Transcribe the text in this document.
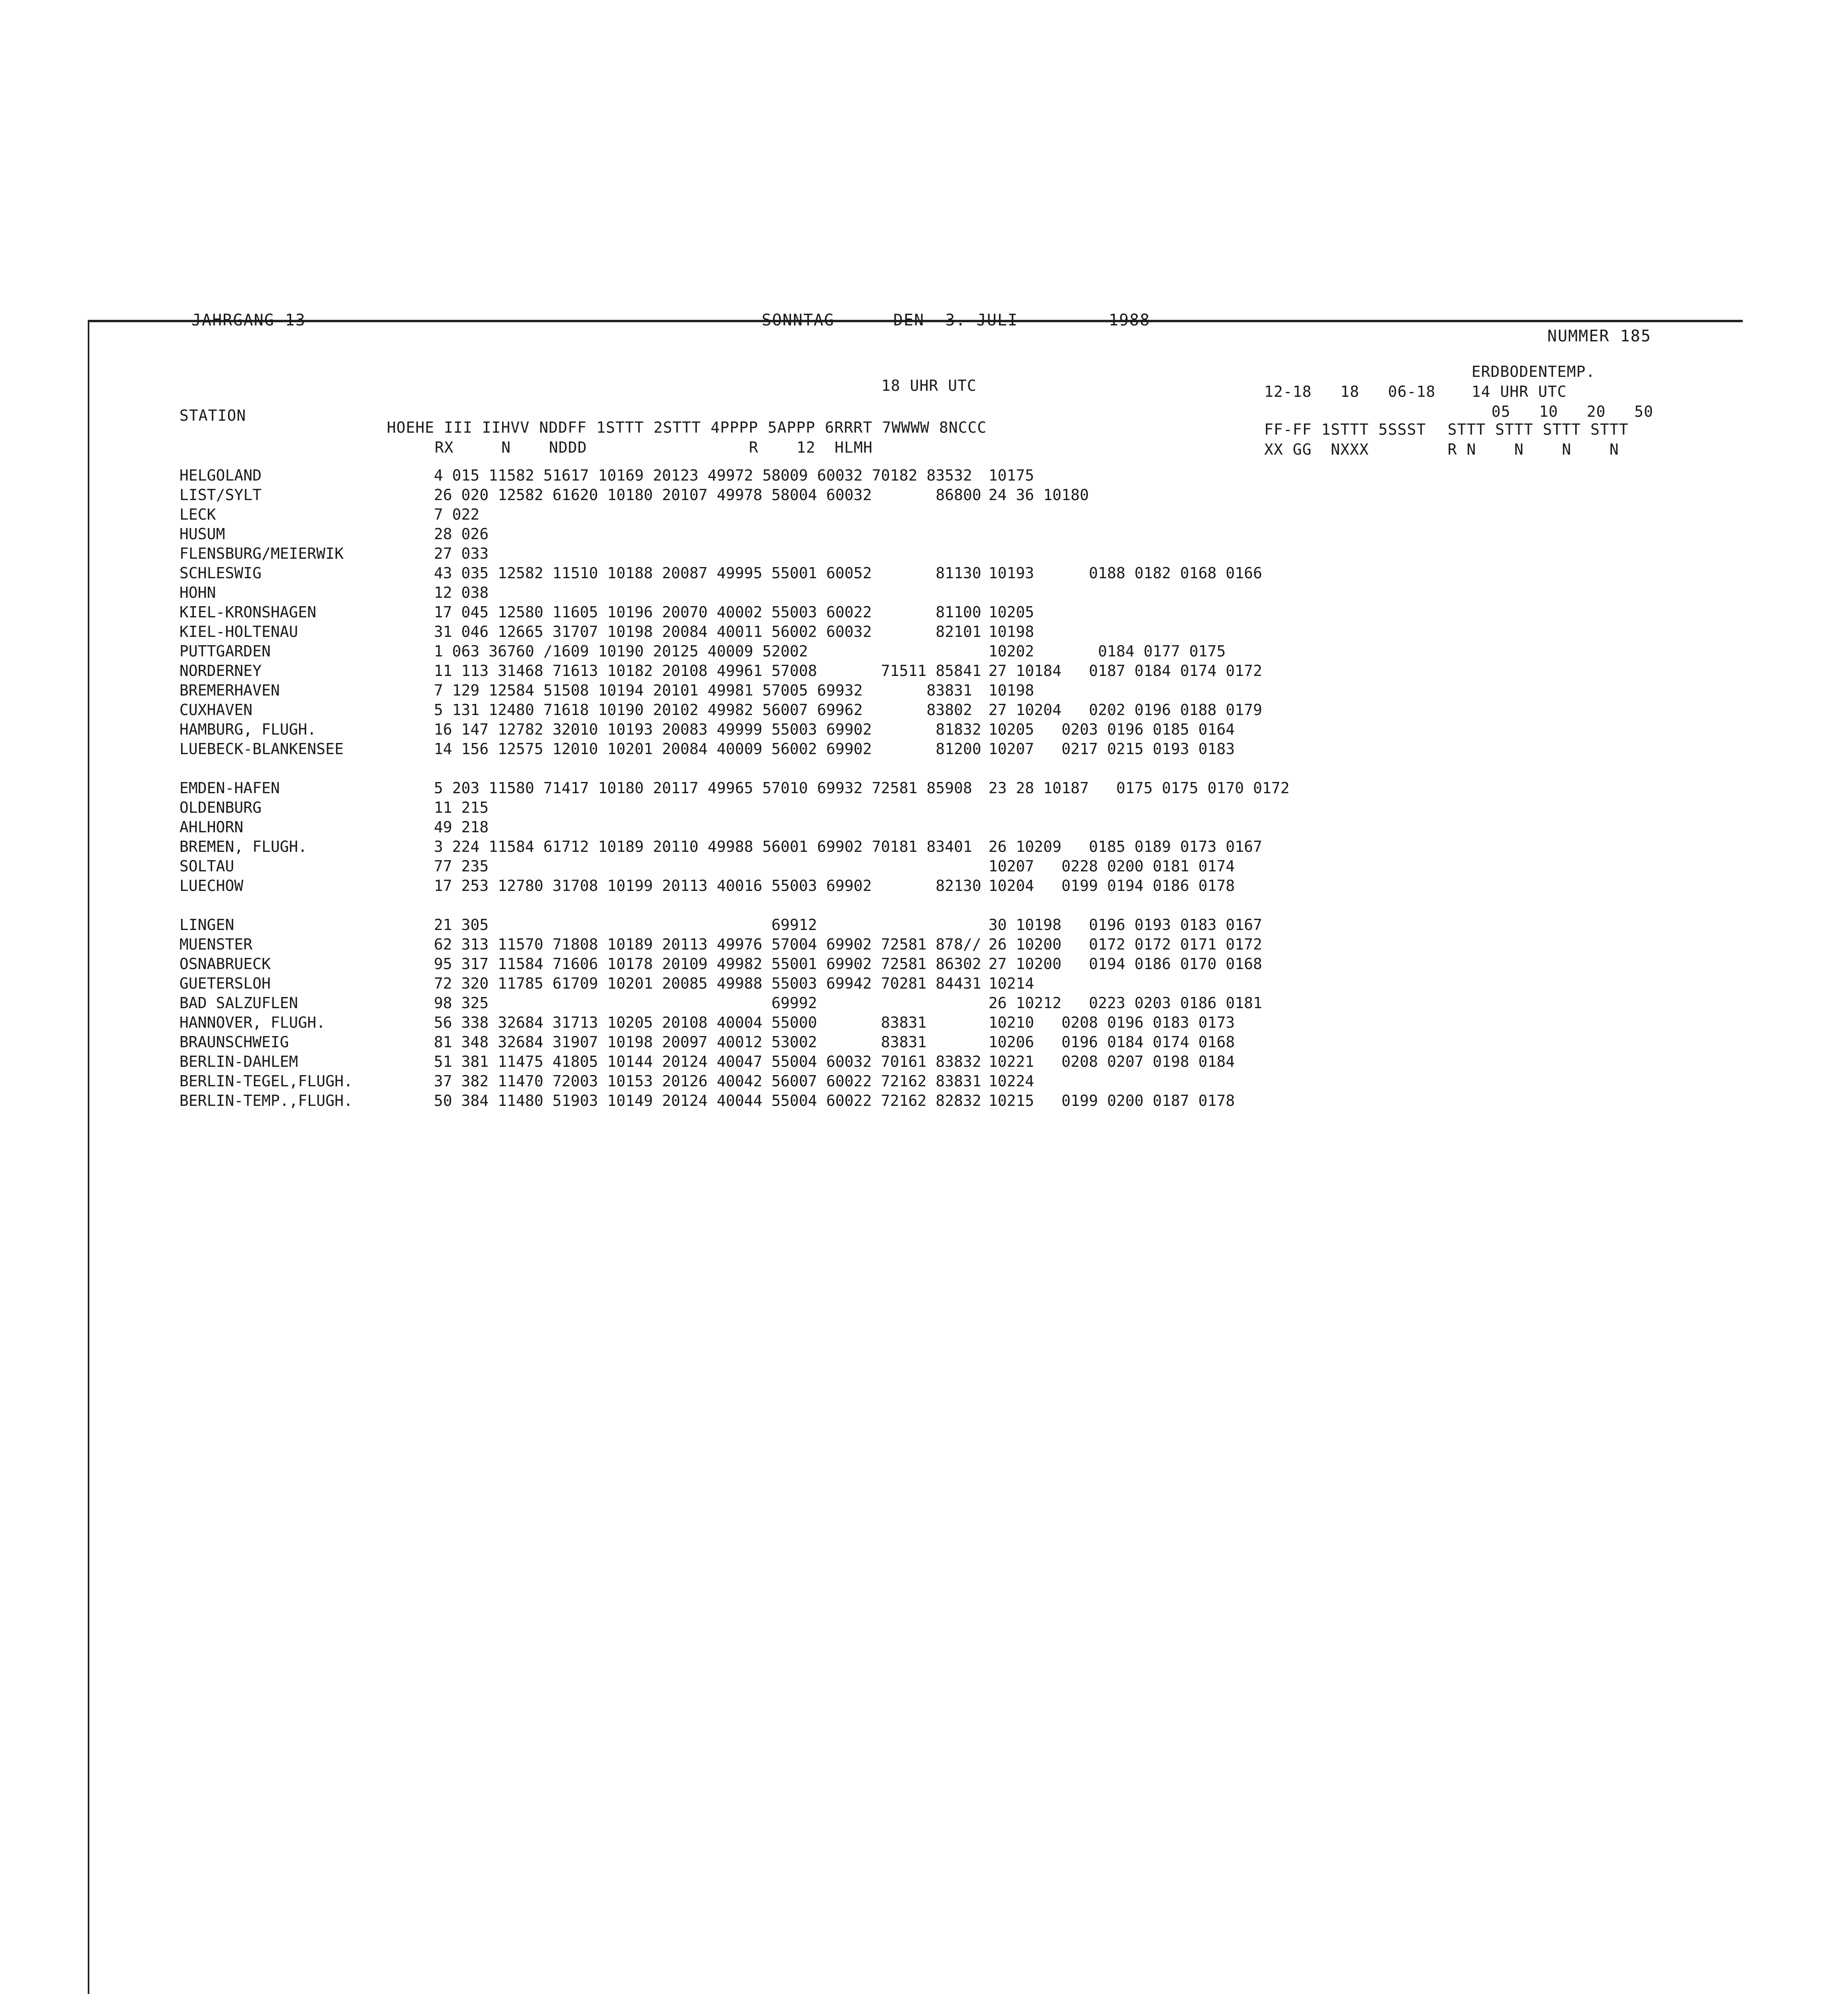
JAHRGANG 13	SONNTAG	DEN  3. JULI	1988
NUMMER 185
18 UHR UTC
ERDBODENTEMP.
14 UHR UTC
STATION
HOEHE III IIHVV NDDFF 1STTT 2STTT 4PPPP 5APPP 6RRRT 7WWWW 8NCCC
RX     N    NDDD                 R    12  HLMH
12-18   18   06-18
FF-FF 1STTT 5SSST
XX GG  NXXX
05   10   20   50
STTT STTT STTT STTT
R N    N    N    N
HELGOLAND		4 015 11582 51617 10169 20123 49972 58009 60032 70182 83532	10175
LIST/SYLT		26 020 12582 61620 10180 20107 49978 58004 60032       86800	24 36 10180
LECK		7 022	
HUSUM		28 026	
FLENSBURG/MEIERWIK		27 033	
SCHLESWIG		43 035 12582 11510 10188 20087 49995 55001 60052       81130	10193      0188 0182 0168 0166
HOHN		12 038	
KIEL-KRONSHAGEN		17 045 12580 11605 10196 20070 40002 55003 60022       81100	10205
KIEL-HOLTENAU		31 046 12665 31707 10198 20084 40011 56002 60032       82101	10198
PUTTGARDEN		1 063 36760 /1609 10190 20125 40009 52002	10202       0184 0177 0175
NORDERNEY		11 113 31468 71613 10182 20108 49961 57008       71511 85841	27 10184   0187 0184 0174 0172
BREMERHAVEN		7 129 12584 51508 10194 20101 49981 57005 69932       83831	10198
CUXHAVEN		5 131 12480 71618 10190 20102 49982 56007 69962       83802	27 10204   0202 0196 0188 0179
HAMBURG, FLUGH.		16 147 12782 32010 10193 20083 49999 55003 69902       81832	10205   0203 0196 0185 0164
LUEBECK-BLANKENSEE		14 156 12575 12010 10201 20084 40009 56002 69902       81200	10207   0217 0215 0193 0183

EMDEN-HAFEN		5 203 11580 71417 10180 20117 49965 57010 69932 72581 85908	23 28 10187   0175 0175 0170 0172
OLDENBURG		11 215	
AHLHORN		49 218	
BREMEN, FLUGH.		3 224 11584 61712 10189 20110 49988 56001 69902 70181 83401	26 10209   0185 0189 0173 0167
SOLTAU		77 235	10207   0228 0200 0181 0174
LUECHOW		17 253 12780 31708 10199 20113 40016 55003 69902       82130	10204   0199 0194 0186 0178

LINGEN		21 305                               69912	30 10198   0196 0193 0183 0167
MUENSTER		62 313 11570 71808 10189 20113 49976 57004 69902 72581 878//	26 10200   0172 0172 0171 0172
OSNABRUECK		95 317 11584 71606 10178 20109 49982 55001 69902 72581 86302	27 10200   0194 0186 0170 0168
GUETERSLOH		72 320 11785 61709 10201 20085 49988 55003 69942 70281 84431	10214
BAD SALZUFLEN		98 325                               69992	26 10212   0223 0203 0186 0181
HANNOVER, FLUGH.		56 338 32684 31713 10205 20108 40004 55000       83831	10210   0208 0196 0183 0173
BRAUNSCHWEIG		81 348 32684 31907 10198 20097 40012 53002       83831	10206   0196 0184 0174 0168
BERLIN-DAHLEM		51 381 11475 41805 10144 20124 40047 55004 60032 70161 83832	10221   0208 0207 0198 0184
BERLIN-TEGEL,FLUGH.		37 382 11470 72003 10153 20126 40042 56007 60022 72162 83831	10224
BERLIN-TEMP.,FLUGH.		50 384 11480 51903 10149 20124 40044 55004 60022 72162 82832	10215   0199 0200 0187 0178
